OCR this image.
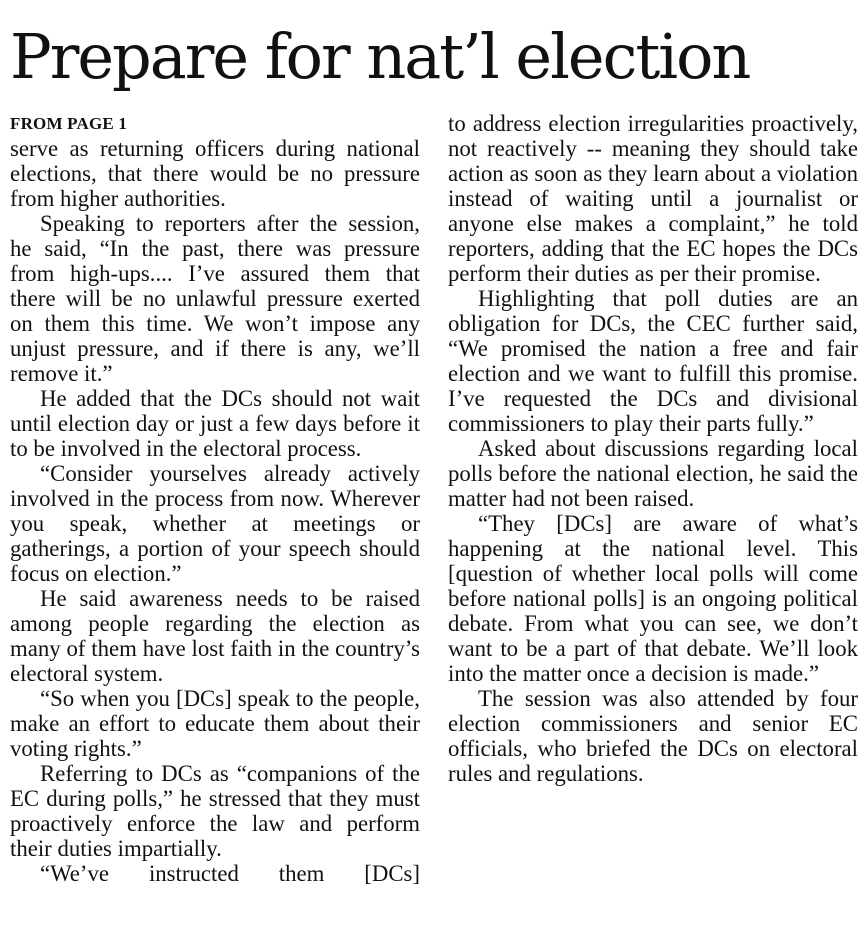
Prepare for nat’l election
FROM PAGE 1

serve as returning officers during national elections, that there would be no pressure from higher authorities.

Speaking to reporters after the session, he said, “In the past, there was pressure from high-ups.... I’ve assured them that there will be no unlawful pressure exerted on them this time. We won’t impose any unjust pressure, and if there is any, we’ll remove it.”

He added that the DCs should not wait until election day or just a few days before it to be involved in the electoral process.

“Consider yourselves already actively involved in the process from now. Wherever you speak, whether at meetings or gatherings, a portion of your speech should focus on election.”

He said awareness needs to be raised among people regarding the election as many of them have lost faith in the country’s electoral system.

“So when you [DCs] speak to the people, make an effort to educate them about their voting rights.”

Referring to DCs as “companions of the EC during polls,” he stressed that they must proactively enforce the law and perform their duties impartially.

“We’ve instructed them [DCs]

to address election irregularities proactively, not reactively -- meaning they should take action as soon as they learn about a violation instead of waiting until a journalist or anyone else makes a complaint,” he told reporters, adding that the EC hopes the DCs perform their duties as per their promise.

Highlighting that poll duties are an obligation for DCs, the CEC further said, “We promised the nation a free and fair election and we want to fulfill this promise. I’ve requested the DCs and divisional commissioners to play their parts fully.”

Asked about discussions regarding local polls before the national election, he said the matter had not been raised.

“They [DCs] are aware of what’s happening at the national level. This [question of whether local polls will come before national polls] is an ongoing political debate. From what you can see, we don’t want to be a part of that debate. We’ll look into the matter once a decision is made.”

The session was also attended by four election commissioners and senior EC officials, who briefed the DCs on electoral rules and regulations.
